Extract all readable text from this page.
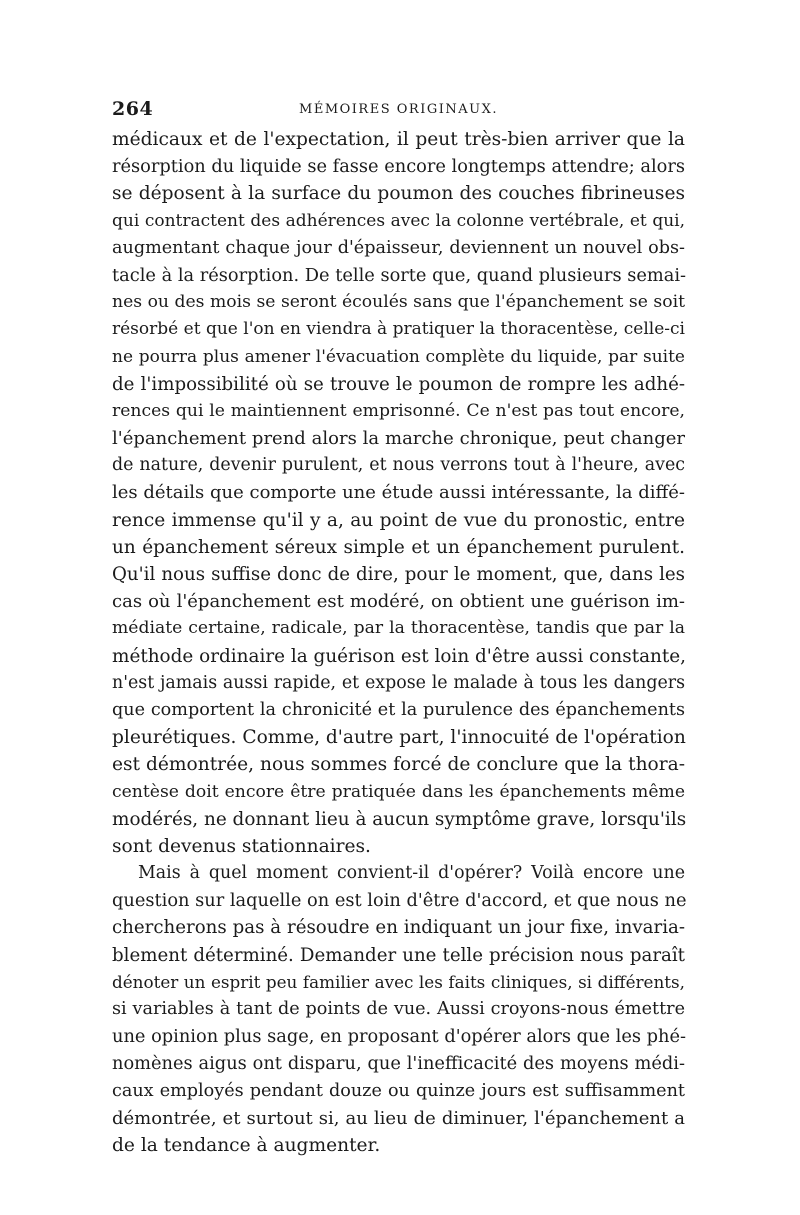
264	MÉMOIRES ORIGINAUX.
médicaux et de l'expectation, il peut très-bien arriver que la
résorption du liquide se fasse encore longtemps attendre; alors
se déposent à la surface du poumon des couches fibrineuses
qui contractent des adhérences avec la colonne vertébrale, et qui,
augmentant chaque jour d'épaisseur, deviennent un nouvel obs-
tacle à la résorption. De telle sorte que, quand plusieurs semai-
nes ou des mois se seront écoulés sans que l'épanchement se soit
résorbé et que l'on en viendra à pratiquer la thoracentèse, celle-ci
ne pourra plus amener l'évacuation complète du liquide, par suite
de l'impossibilité où se trouve le poumon de rompre les adhé-
rences qui le maintiennent emprisonné. Ce n'est pas tout encore,
l'épanchement prend alors la marche chronique, peut changer
de nature, devenir purulent, et nous verrons tout à l'heure, avec
les détails que comporte une étude aussi intéressante, la diffé-
rence immense qu'il y a, au point de vue du pronostic, entre
un épanchement séreux simple et un épanchement purulent.
Qu'il nous suffise donc de dire, pour le moment, que, dans les
cas où l'épanchement est modéré, on obtient une guérison im-
médiate certaine, radicale, par la thoracentèse, tandis que par la
méthode ordinaire la guérison est loin d'être aussi constante,
n'est jamais aussi rapide, et expose le malade à tous les dangers
que comportent la chronicité et la purulence des épanchements
pleurétiques. Comme, d'autre part, l'innocuité de l'opération
est démontrée, nous sommes forcé de conclure que la thora-
centèse doit encore être pratiquée dans les épanchements même
modérés, ne donnant lieu à aucun symptôme grave, lorsqu'ils
sont devenus stationnaires.
Mais à quel moment convient-il d'opérer? Voilà encore une
question sur laquelle on est loin d'être d'accord, et que nous ne
chercherons pas à résoudre en indiquant un jour fixe, invaria-
blement déterminé. Demander une telle précision nous paraît
dénoter un esprit peu familier avec les faits cliniques, si différents,
si variables à tant de points de vue. Aussi croyons-nous émettre
une opinion plus sage, en proposant d'opérer alors que les phé-
nomènes aigus ont disparu, que l'inefficacité des moyens médi-
caux employés pendant douze ou quinze jours est suffisamment
démontrée, et surtout si, au lieu de diminuer, l'épanchement a
de la tendance à augmenter.
